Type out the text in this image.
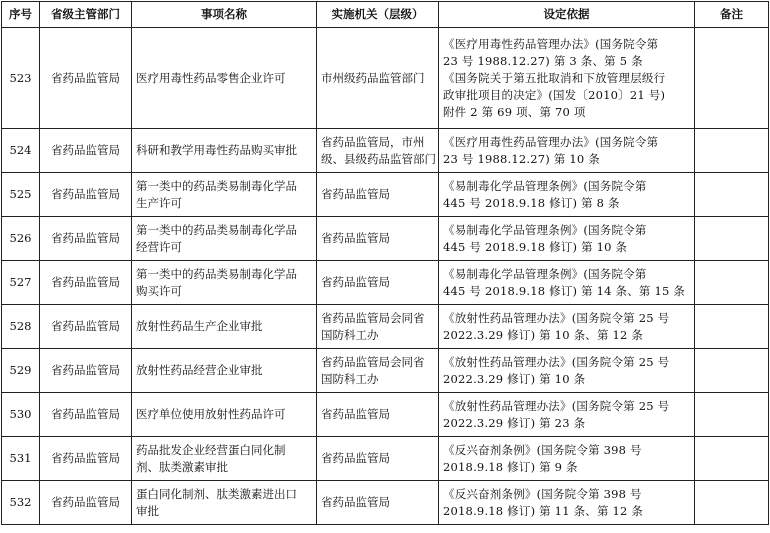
序号	省级主管部门	事项名称	实施机关（层级）	设定依据	备注
523	省药品监管局	医疗用毒性药品零售企业许可	市州级药品监管部门	《医疗用毒性药品管理办法》(国务院令第
23 号 1988.12.27) 第 3 条、第 5 条
《国务院关于第五批取消和下放管理层级行
政审批项目的决定》(国发〔2010〕21 号)
附件 2 第 69 项、第 70 项	

524	省药品监管局	科研和教学用毒性药品购买审批	省药品监管局，市州
级、县级药品监管部门	《医疗用毒性药品管理办法》(国务院令第
23 号 1988.12.27) 第 10 条	

525	省药品监管局	第一类中的药品类易制毒化学品
生产许可	省药品监管局	《易制毒化学品管理条例》(国务院令第
445 号 2018.9.18 修订) 第 8 条	

526	省药品监管局	第一类中的药品类易制毒化学品
经营许可	省药品监管局	《易制毒化学品管理条例》(国务院令第
445 号 2018.9.18 修订) 第 10 条	

527	省药品监管局	第一类中的药品类易制毒化学品
购买许可	省药品监管局	《易制毒化学品管理条例》(国务院令第
445 号 2018.9.18 修订) 第 14 条、第 15 条	

528	省药品监管局	放射性药品生产企业审批	省药品监管局会同省
国防科工办	《放射性药品管理办法》(国务院令第 25 号
2022.3.29 修订) 第 10 条、第 12 条	

529	省药品监管局	放射性药品经营企业审批	省药品监管局会同省
国防科工办	《放射性药品管理办法》(国务院令第 25 号
2022.3.29 修订) 第 10 条	

530	省药品监管局	医疗单位使用放射性药品许可	省药品监管局	《放射性药品管理办法》(国务院令第 25 号
2022.3.29 修订) 第 23 条	

531	省药品监管局	药品批发企业经营蛋白同化制
剂、肽类激素审批	省药品监管局	《反兴奋剂条例》(国务院令第 398 号
2018.9.18 修订) 第 9 条	

532	省药品监管局	蛋白同化制剂、肽类激素进出口
审批	省药品监管局	《反兴奋剂条例》(国务院令第 398 号
2018.9.18 修订) 第 11 条、第 12 条	
